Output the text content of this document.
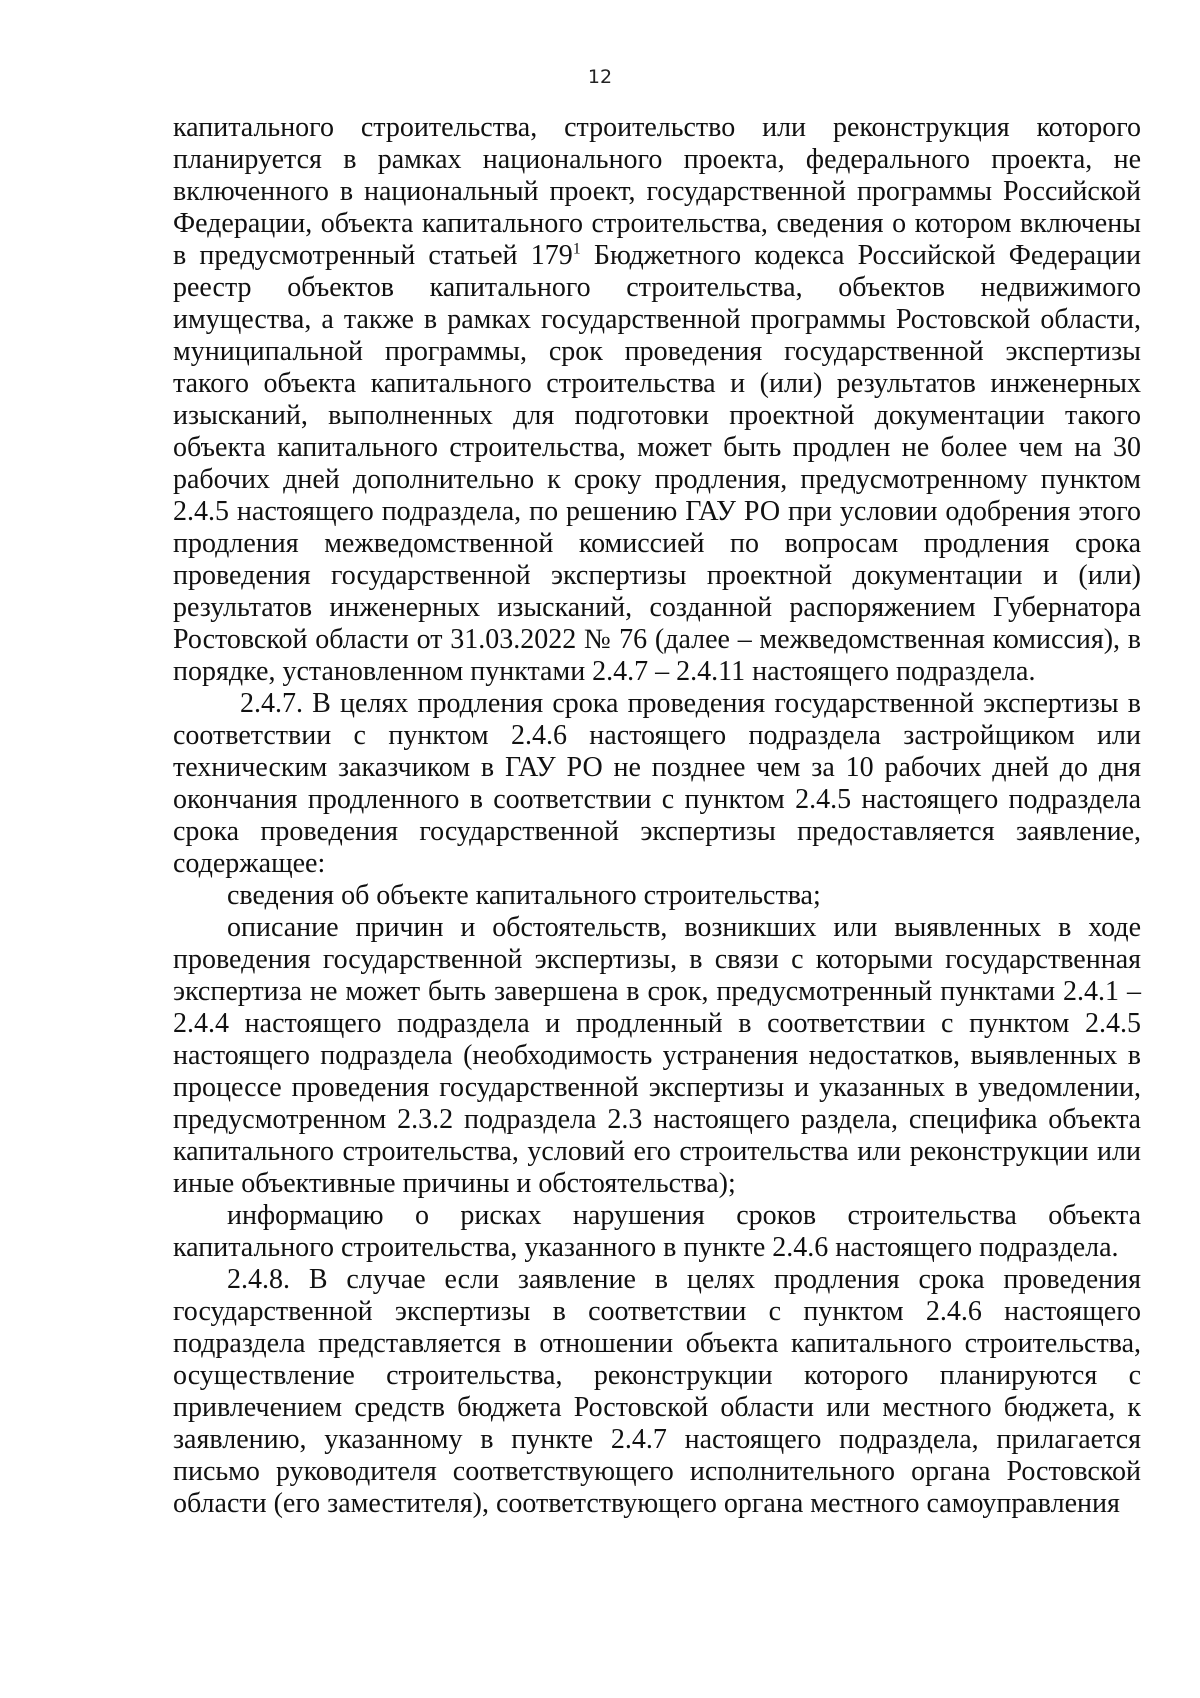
12

капитального строительства, строительство или реконструкция которого планируется в рамках национального проекта, федерального проекта, не включенного в национальный проект, государственной программы Российской Федерации, объекта капитального строительства, сведения о котором включены в предусмотренный статьей $179^1$ Бюджетного кодекса Российской Федерации реестр объектов капитального строительства, объектов недвижимого имущества, а также в рамках государственной программы Ростовской области, муниципальной программы, срок проведения государственной экспертизы такого объекта капитального строительства и (или) результатов инженерных изысканий, выполненных для подготовки проектной документации такого объекта капитального строительства, может быть продлен не более чем на 30 рабочих дней дополнительно к сроку продления, предусмотренному пунктом 2.4.5 настоящего подраздела, по решению ГАУ РО при условии одобрения этого продления межведомственной комиссией по вопросам продления срока проведения государственной экспертизы проектной документации и (или) результатов инженерных изысканий, созданной распоряжением Губернатора Ростовской области от 31.03.2022 № 76 (далее – межведомственная комиссия), в порядке, установленном пунктами 2.4.7 – 2.4.11 настоящего подраздела.

2.4.7. В целях продления срока проведения государственной экспертизы в соответствии с пунктом 2.4.6 настоящего подраздела застройщиком или техническим заказчиком в ГАУ РО не позднее чем за 10 рабочих дней до дня окончания продленного в соответствии с пунктом 2.4.5 настоящего подраздела срока проведения государственной экспертизы предоставляется заявление, содержащее:

сведения об объекте капитального строительства;

описание причин и обстоятельств, возникших или выявленных в ходе проведения государственной экспертизы, в связи с которыми государственная экспертиза не может быть завершена в срок, предусмотренный пунктами 2.4.1 – 2.4.4 настоящего подраздела и продленный в соответствии с пунктом 2.4.5 настоящего подраздела (необходимость устранения недостатков, выявленных в процессе проведения государственной экспертизы и указанных в уведомлении, предусмотренном 2.3.2 подраздела 2.3 настоящего раздела, специфика объекта капитального строительства, условий его строительства или реконструкции или иные объективные причины и обстоятельства);

информацию о рисках нарушения сроков строительства объекта капитального строительства, указанного в пункте 2.4.6 настоящего подраздела.

2.4.8. В случае если заявление в целях продления срока проведения государственной экспертизы в соответствии с пунктом 2.4.6 настоящего подраздела представляется в отношении объекта капитального строительства, осуществление строительства, реконструкции которого планируются с привлечением средств бюджета Ростовской области или местного бюджета, к заявлению, указанному в пункте 2.4.7 настоящего подраздела, прилагается письмо руководителя соответствующего исполнительного органа Ростовской области (его заместителя), соответствующего органа местного самоуправления
